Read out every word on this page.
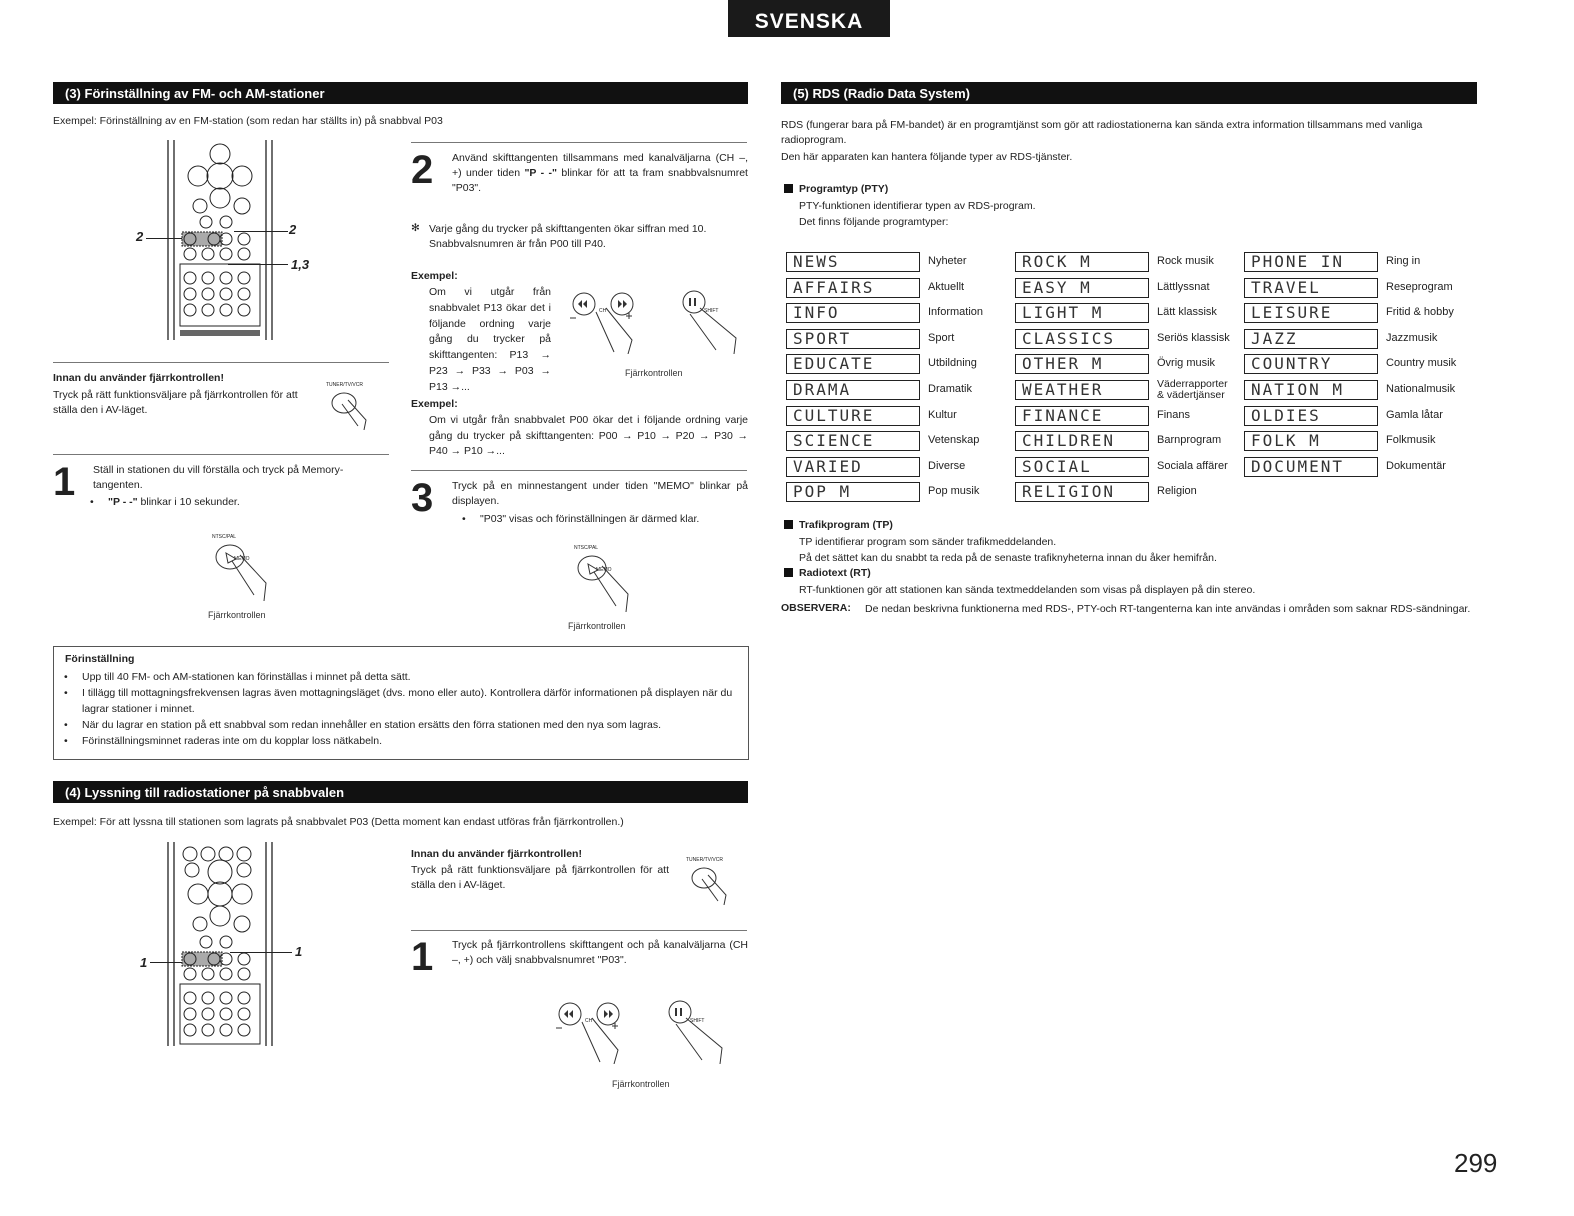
SVENSKA
(3) Förinställning av FM- och AM-stationer
Exempel: Förinställning av en FM-station (som redan har ställts in) på snabbval P03
2	2
1,3
Innan du använder fjärrkontrollen!
Tryck på rätt funktionsväljare på fjärrkontrollen för att ställa den i AV-läget.
TUNER/TV/VCR
1 Ställ in stationen du vill förställa och tryck på Memory-tangenten.
• "P - -" blinkar i 10 sekunder.
NTSC/PAL
MEMO
Fjärrkontrollen
2 Använd skifttangenten tillsammans med kanalväljarna (CH –, +) under tiden "P - -" blinkar för att ta fram snabbvalsnumret "P03".
✻ Varje gång du trycker på skifttangenten ökar siffran med 10. Snabbvalsnumren är från P00 till P40.
Exempel:
Om vi utgår från snabbvalet P13 ökar det i följande ordning varje gång du trycker på skifttangenten: P13 → P23 → P33 → P03 → P13 →...
CH	SHIFT
Fjärrkontrollen
Exempel:
Om vi utgår från snabbvalet P00 ökar det i följande ordning varje gång du trycker på skifttangenten: P00 → P10 → P20 → P30 → P40 → P10 →...
3 Tryck på en minnestangent under tiden "MEMO" blinkar på displayen.
• "P03" visas och förinställningen är därmed klar.
NTSC/PAL
MEMO
Fjärrkontrollen
Förinställning
• Upp till 40 FM- och AM-stationen kan förinställas i minnet på detta sätt.
• I tillägg till mottagningsfrekvensen lagras även mottagningsläget (dvs. mono eller auto). Kontrollera därför informationen på displayen när du lagrar stationer i minnet.
• När du lagrar en station på ett snabbval som redan innehåller en station ersätts den förra stationen med den nya som lagras.
• Förinställningsminnet raderas inte om du kopplar loss nätkabeln.
(4) Lyssning till radiostationer på snabbvalen
Exempel: För att lyssna till stationen som lagrats på snabbvalet P03 (Detta moment kan endast utföras från fjärrkontrollen.)
1
1
Innan du använder fjärrkontrollen!
Tryck på rätt funktionsväljare på fjärrkontrollen för att ställa den i AV-läget.
TUNER/TV/VCR
1 Tryck på fjärrkontrollens skifttangent och på kanalväljarna (CH –, +) och välj snabbvalsnumret "P03".
CH	SHIFT
Fjärrkontrollen
(5) RDS (Radio Data System)
RDS (fungerar bara på FM-bandet) är en programtjänst som gör att radiostationerna kan sända extra information tillsammans med vanliga radioprogram.
Den här apparaten kan hantera följande typer av RDS-tjänster.
Programtyp (PTY)
PTY-funktionen identifierar typen av RDS-program.
Det finns följande programtyper:
NEWS	Nyheter
AFFAIRS	Aktuellt
INFO	Information
SPORT	Sport
EDUCATE	Utbildning
DRAMA	Dramatik
CULTURE	Kultur
SCIENCE	Vetenskap
VARIED	Diverse
POP M	Pop musik
ROCK M	Rock musik
EASY M	Lättlyssnat
LIGHT M	Lätt klassisk
CLASSICS	Seriös klassisk
OTHER M	Övrig musik
WEATHER	Väderrapporter & vädertjänser
FINANCE	Finans
CHILDREN	Barnprogram
SOCIAL	Sociala affärer
RELIGION	Religion
PHONE IN	Ring in
TRAVEL	Reseprogram
LEISURE	Fritid & hobby
JAZZ	Jazzmusik
COUNTRY	Country musik
NATION M	Nationalmusik
OLDIES	Gamla låtar
FOLK M	Folkmusik
DOCUMENT	Dokumentär
Trafikprogram (TP)
TP identifierar program som sänder trafikmeddelanden.
På det sättet kan du snabbt ta reda på de senaste trafiknyheterna innan du åker hemifrån.
Radiotext (RT)
RT-funktionen gör att stationen kan sända textmeddelanden som visas på displayen på din stereo.
OBSERVERA: De nedan beskrivna funktionerna med RDS-, PTY-och RT-tangenterna kan inte användas i områden som saknar RDS-sändningar.
299
